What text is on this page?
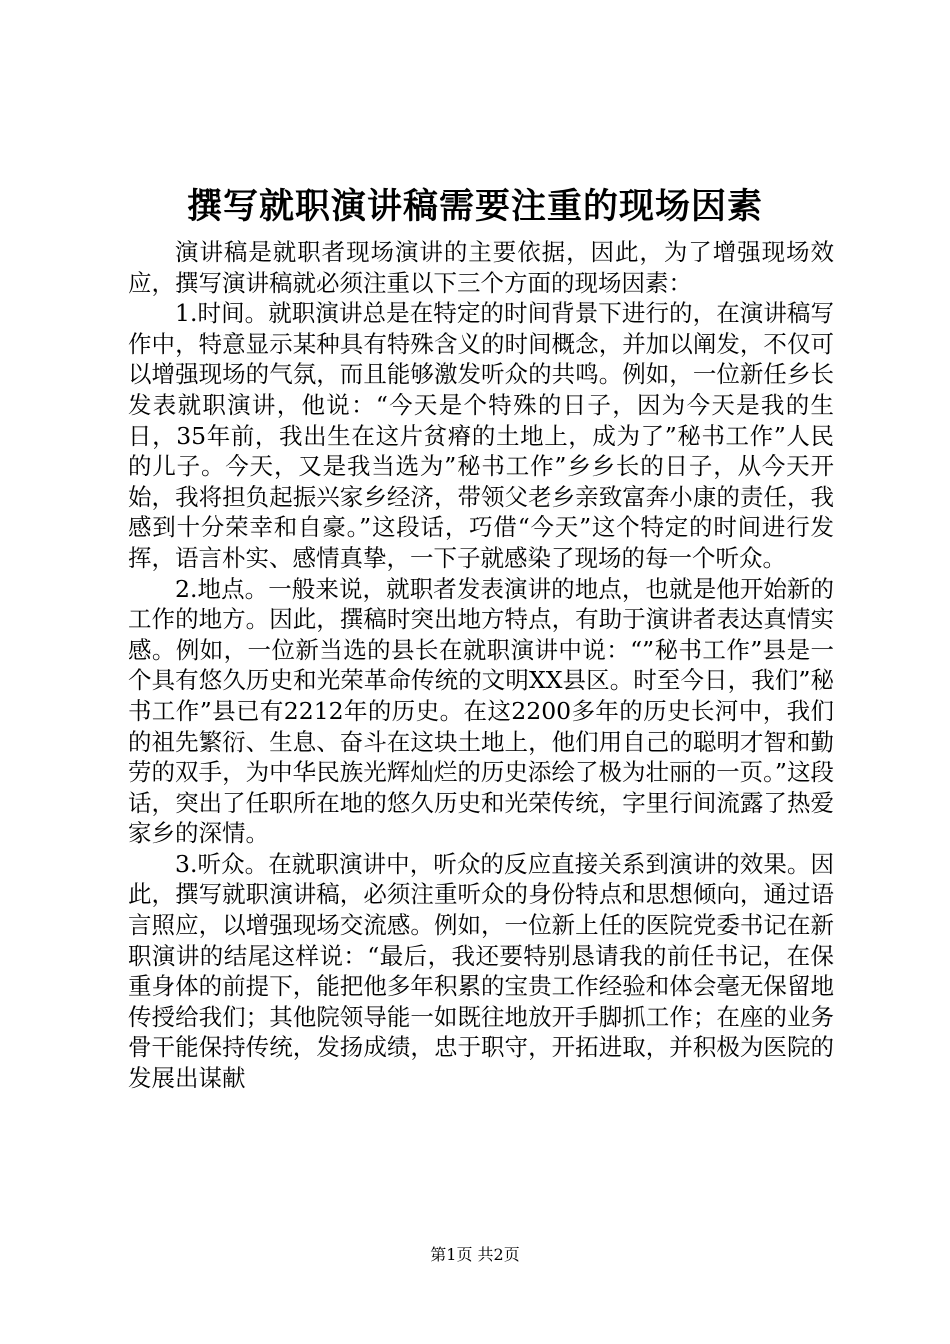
撰写就职演讲稿需要注重的现场因素

演讲稿是就职者现场演讲的主要依据，因此，为了增强现场效应，撰写演讲稿就必须注重以下三个方面的现场因素：

1.时间。就职演讲总是在特定的时间背景下进行的，在演讲稿写作中，特意显示某种具有特殊含义的时间概念，并加以阐发，不仅可以增强现场的气氛，而且能够激发听众的共鸣。例如，一位新任乡长发表就职演讲，他说：“今天是个特殊的日子，因为今天是我的生日，35年前，我出生在这片贫瘠的土地上，成为了”秘书工作”人民的儿子。今天，又是我当选为”秘书工作”乡乡长的日子，从今天开始，我将担负起振兴家乡经济，带领父老乡亲致富奔小康的责任，我感到十分荣幸和自豪。”这段话，巧借“今天”这个特定的时间进行发挥，语言朴实、感情真挚，一下子就感染了现场的每一个听众。

2.地点。一般来说，就职者发表演讲的地点，也就是他开始新的工作的地方。因此，撰稿时突出地方特点，有助于演讲者表达真情实感。例如，一位新当选的县长在就职演讲中说：“”秘书工作”县是一个具有悠久历史和光荣革命传统的文明XX县区。时至今日，我们”秘书工作”县已有2212年的历史。在这2200多年的历史长河中，我们的祖先繁衍、生息、奋斗在这块土地上，他们用自己的聪明才智和勤劳的双手，为中华民族光辉灿烂的历史添绘了极为壮丽的一页。”这段话，突出了任职所在地的悠久历史和光荣传统，字里行间流露了热爱家乡的深情。

3.听众。在就职演讲中，听众的反应直接关系到演讲的效果。因此，撰写就职演讲稿，必须注重听众的身份特点和思想倾向，通过语言照应，以增强现场交流感。例如，一位新上任的医院党委书记在新职演讲的结尾这样说：“最后，我还要特别恳请我的前任书记，在保重身体的前提下，能把他多年积累的宝贵工作经验和体会毫无保留地传授给我们；其他院领导能一如既往地放开手脚抓工作；在座的业务骨干能保持传统，发扬成绩，忠于职守，开拓进取，并积极为医院的发展出谋献

第1页 共2页
